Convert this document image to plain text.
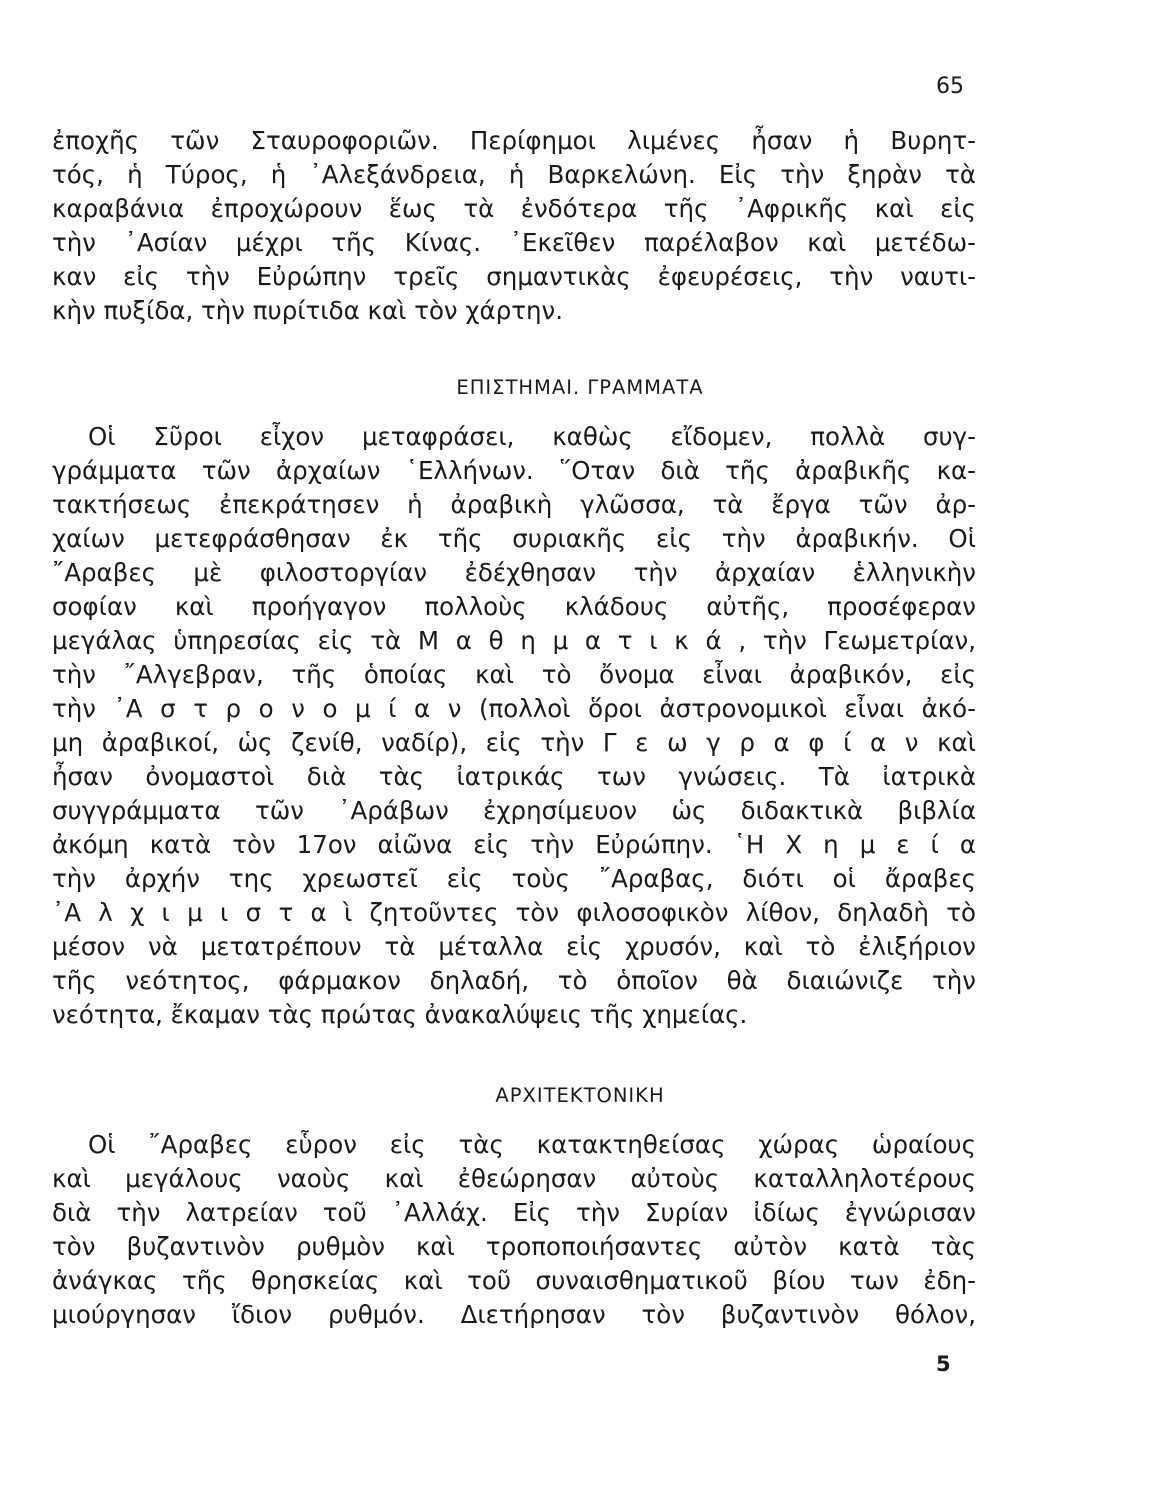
65
ἐποχῆς τῶν Σταυροφοριῶν. Περίφημοι λιμένες ἦσαν ἡ Βυρητ-
τός, ἡ Τύρος, ἡ ᾿Αλεξάνδρεια, ἡ Βαρκελώνη. Εἰς τὴν ξηρὰν τὰ
καραβάνια ἐπροχώρουν ἕως τὰ ἐνδότερα τῆς ᾿Αφρικῆς καὶ εἰς
τὴν ᾿Ασίαν μέχρι τῆς Κίνας. ᾿Εκεῖθεν παρέλαβον καὶ μετέδω-
καν εἰς τὴν Εὐρώπην τρεῖς σημαντικὰς ἐφευρέσεις, τὴν ναυτι-
κὴν πυξίδα, τὴν πυρίτιδα καὶ τὸν χάρτην.
ΕΠΙΣΤΗΜΑΙ. ΓΡΑΜΜΑΤΑ
Οἱ Σῦροι εἶχον μεταφράσει, καθὼς εἴδομεν, πολλὰ συγ-
γράμματα τῶν ἀρχαίων ῾Ελλήνων. ῞Οταν διὰ τῆς ἀραβικῆς κα-
τακτήσεως ἐπεκράτησεν ἡ ἀραβικὴ γλῶσσα, τὰ ἔργα τῶν ἀρ-
χαίων μετεφράσθησαν ἐκ τῆς συριακῆς εἰς τὴν ἀραβικήν. Οἱ
῎Αραβες μὲ φιλοστοργίαν ἐδέχθησαν τὴν ἀρχαίαν ἑλληνικὴν
σοφίαν καὶ προήγαγον πολλοὺς κλάδους αὐτῆς, προσέφεραν
μεγάλας ὑπηρεσίας εἰς τὰ Μ α θ η μ α τ ι κ ά , τὴν Γεωμετρίαν,
τὴν ῎Αλγεβραν, τῆς ὁποίας καὶ τὸ ὄνομα εἶναι ἀραβικόν, εἰς
τὴν ᾿Α σ τ ρ ο ν ο μ ί α ν (πολλοὶ ὅροι ἀστρονομικοὶ εἶναι ἀκό-
μη ἀραβικοί, ὡς ζενίθ, ναδίρ), εἰς τὴν Γ ε ω γ ρ α φ ί α ν καὶ
ἦσαν ὀνομαστοὶ διὰ τὰς ἰατρικάς των γνώσεις. Τὰ ἰατρικὰ
συγγράμματα τῶν ᾿Αράβων ἐχρησίμευον ὡς διδακτικὰ βιβλία
ἀκόμη κατὰ τὸν 17ον αἰῶνα εἰς τὴν Εὐρώπην. ῾Η Χ η μ ε ί α
τὴν ἀρχήν της χρεωστεῖ εἰς τοὺς ῎Αραβας, διότι οἱ ἄραβες
᾿Α λ χ ι μ ι σ τ α ὶ ζητοῦντες τὸν φιλοσοφικὸν λίθον, δηλαδὴ τὸ
μέσον νὰ μετατρέπουν τὰ μέταλλα εἰς χρυσόν, καὶ τὸ ἐλιξήριον
τῆς νεότητος, φάρμακον δηλαδή, τὸ ὁποῖον θὰ διαιώνιζε τὴν
νεότητα, ἔκαμαν τὰς πρώτας ἀνακαλύψεις τῆς χημείας.
ΑΡΧΙΤΕΚΤΟΝΙΚΗ
Οἱ ῎Αραβες εὗρον εἰς τὰς κατακτηθείσας χώρας ὡραίους
καὶ μεγάλους ναοὺς καὶ ἐθεώρησαν αὐτοὺς καταλληλοτέρους
διὰ τὴν λατρείαν τοῦ ᾿Αλλάχ. Εἰς τὴν Συρίαν ἰδίως ἐγνώρισαν
τὸν βυζαντινὸν ρυθμὸν καὶ τροποποιήσαντες αὐτὸν κατὰ τὰς
ἀνάγκας τῆς θρησκείας καὶ τοῦ συναισθηματικοῦ βίου των ἐδη-
μιούργησαν ἴδιον ρυθμόν. Διετήρησαν τὸν βυζαντινὸν θόλον,
5
